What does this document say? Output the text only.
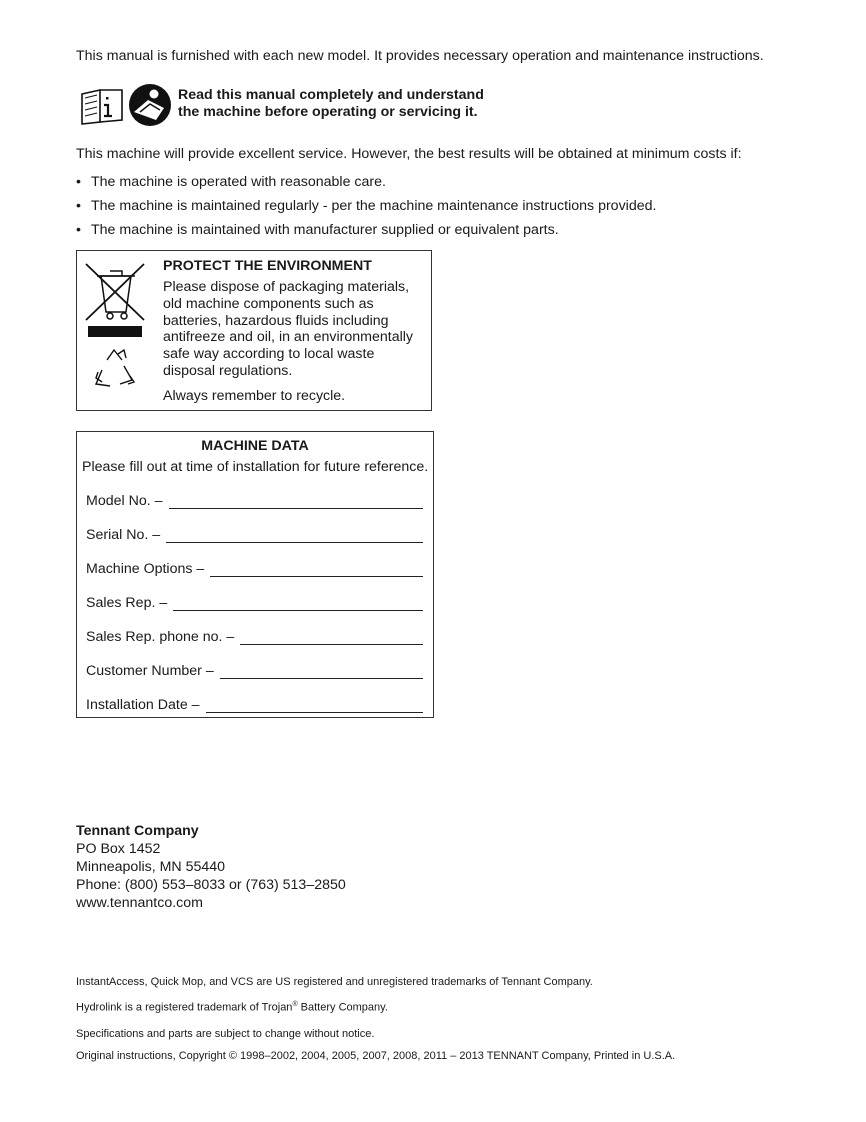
This manual is furnished with each new model. It provides necessary operation and maintenance instructions.
Read this manual completely and understand
the machine before operating or servicing it.
This machine will provide excellent service. However, the best results will be obtained at minimum costs if:
• The machine is operated with reasonable care.
• The machine is maintained regularly - per the machine maintenance instructions provided.
• The machine is maintained with manufacturer supplied or equivalent parts.
PROTECT THE ENVIRONMENT
Please dispose of packaging materials,
old machine components such as
batteries, hazardous fluids including
antifreeze and oil, in an environmentally
safe way according to local waste
disposal regulations.
Always remember to recycle.
MACHINE DATA
Please fill out at time of installation for future reference.
Model No. –
Serial No. –
Machine Options –
Sales Rep. –
Sales Rep. phone no. –
Customer Number –
Installation Date –
Tennant Company
PO Box 1452
Minneapolis, MN 55440
Phone: (800) 553–8033 or (763) 513–2850
www.tennantco.com
InstantAccess, Quick Mop, and VCS are US registered and unregistered trademarks of Tennant Company.
Hydrolink is a registered trademark of Trojan® Battery Company.
Specifications and parts are subject to change without notice.
Original instructions, Copyright © 1998–2002, 2004, 2005, 2007, 2008, 2011 – 2013 TENNANT Company, Printed in U.S.A.
